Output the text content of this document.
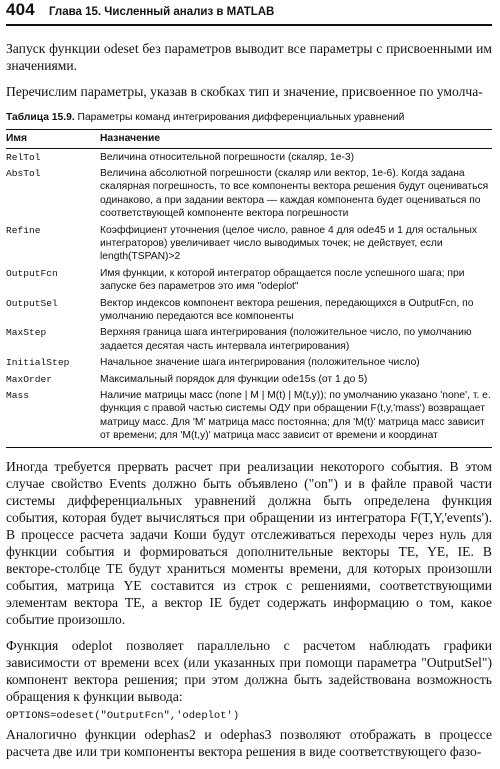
404 Глава 15. Численный анализ в MATLAB

Запуск функции odeset без параметров выводит все параметры с присвоенными им значениями.

Перечислим параметры, указав в скобках тип и значение, присвоенное по умолча-

Таблица 15.9. Параметры команд интегрирования дифференциальных уравнений
Имя	Назначение
RelTol	Величина относительной погрешности (скаляр, 1е-3)
AbsTol	Величина абсолютной погрешности (скаляр или вектор, 1е-6). Когда задана скалярная погрешность, то все компоненты вектора решения будут оцениваться одинаково, а при задании вектора — каждая компонента будет оцениваться по соответствующей компоненте вектора погрешности
Refine	Коэффициент уточнения (целое число, равное 4 для ode45 и 1 для остальных интеграторов) увеличивает число выводимых точек; не действует, если length(TSPAN)>2
OutputFcn	Имя функции, к которой интегратор обращается после успешного шага; при запуске без параметров это имя "odeplot"
OutputSel	Вектор индексов компонент вектора решения, передающихся в OutputFcn, по умолчанию передаются все компоненты
MaxStep	Верхняя граница шага интегрирования (положительное число, по умолчанию задается десятая часть интервала интегрирования)
InitialStep	Начальное значение шага интегрирования (положительное число)
MaxOrder	Максимальный порядок для функции ode15s (от 1 до 5)
Mass	Наличие матрицы масс (none | M | M(t) | M(t,y)); по умолчанию указано 'none', т. е. функция с правой частью системы ОДУ при обращении F(t,y,'mass') возвращает матрицу масс. Для 'M' матрица масс постоянна; для 'M(t)' матрица масс зависит от времени; для 'M(t,y)' матрица масс зависит от времени и координат

Иногда требуется прервать расчет при реализации некоторого события. В этом случае свойство Events должно быть объявлено ("on") и в файле правой части системы дифференциальных уравнений должна быть определена функция события, которая будет вычисляться при обращении из интегратора F(T,Y,'events'). В процессе расчета задачи Коши будут отслеживаться переходы через нуль для функции события и формироваться дополнительные векторы TE, YE, IE. В векторе-столбце TE будут храниться моменты времени, для которых произошли события, матрица YE составится из строк с решениями, соответствующими элементам вектора TE, а вектор IE будет содержать информацию о том, какое событие произошло.

Функция odeplot позволяет параллельно с расчетом наблюдать графики зависимости от времени всех (или указанных при помощи параметра "OutputSel") компонент вектора решения; при этом должна быть задействована возможность обращения к функции вывода:

OPTIONS=odeset("OutputFcn",'odeplot')

Аналогично функции odephas2 и odephas3 позволяют отображать в процессе расчета две или три компоненты вектора решения в виде соответствующего фазо-
